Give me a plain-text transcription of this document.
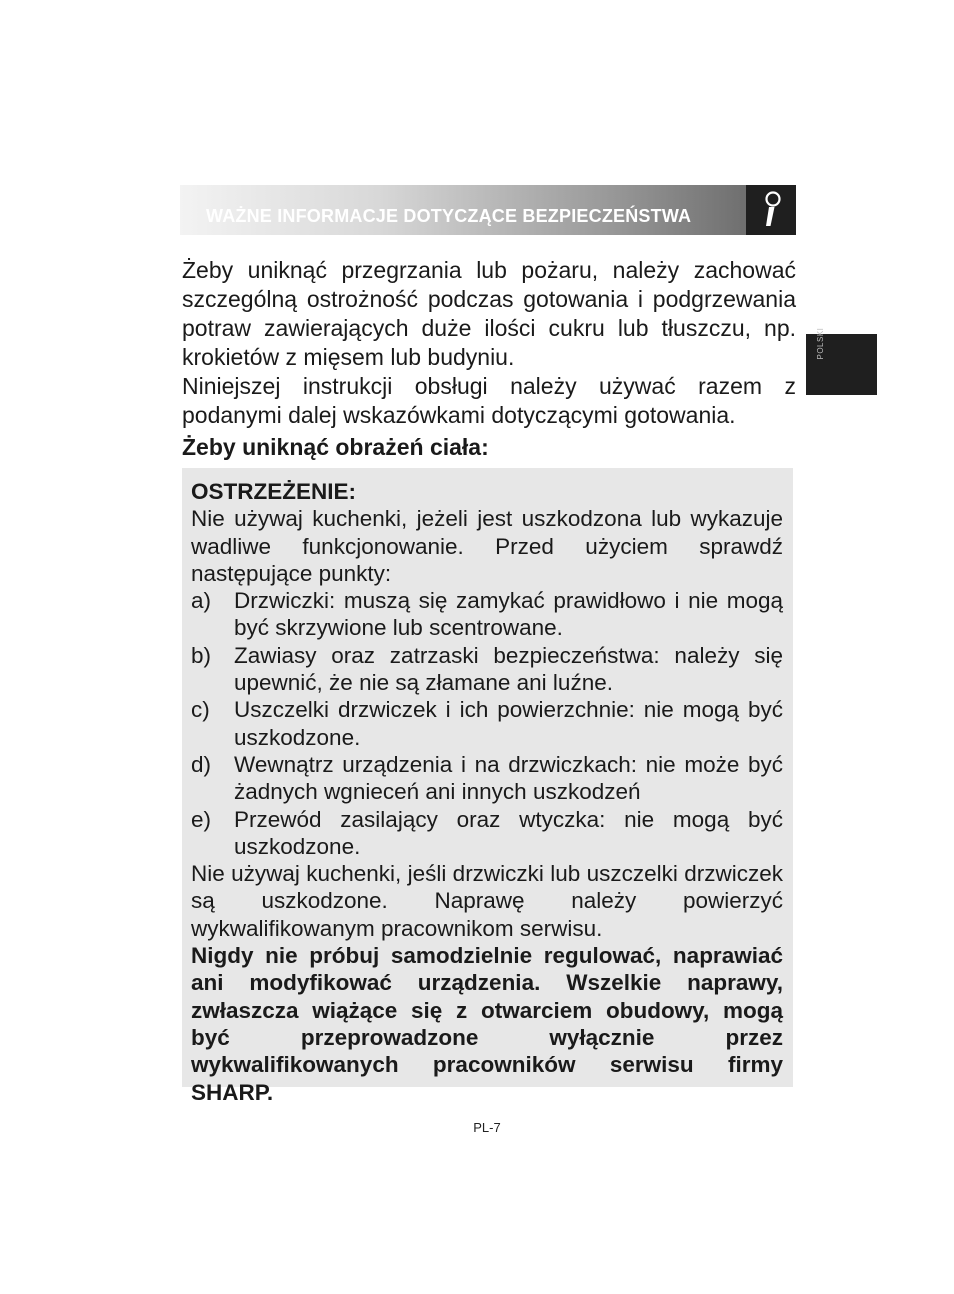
WAŻNE INFORMACJE DOTYCZĄCE BEZPIECZEŃSTWA
POLSKI

Żeby uniknąć przegrzania lub pożaru, należy zachować szczególną ostrożność podczas gotowania i podgrzewania potraw zawierających duże ilości cukru lub tłuszczu, np. krokietów z mięsem lub budyniu.

Niniejszej instrukcji obsługi należy używać razem z podanymi dalej wskazówkami dotyczącymi gotowania.

Żeby uniknąć obrażeń ciała:
OSTRZEŻENIE:

Nie używaj kuchenki, jeżeli jest uszkodzona lub wykazuje wadliwe funkcjonowanie. Przed użyciem sprawdź następujące punkty:

a)	Drzwiczki: muszą się zamykać prawidłowo i nie mogą być skrzywione lub scentrowane.
b)	Zawiasy oraz zatrzaski bezpieczeństwa: należy się upewnić, że nie są złamane ani luźne.
c)	Uszczelki drzwiczek i ich powierzchnie: nie mogą być uszkodzone.
d)	Wewnątrz urządzenia i na drzwiczkach: nie może być żadnych wgnieceń ani innych uszkodzeń
e)	Przewód zasilający oraz wtyczka: nie mogą być uszkodzone.

Nie używaj kuchenki, jeśli drzwiczki lub uszczelki drzwiczek są uszkodzone. Naprawę należy powierzyć wykwalifikowanym pracownikom serwisu.

Nigdy nie próbuj samodzielnie regulować, naprawiać ani modyfikować urządzenia. Wszelkie naprawy, zwłaszcza wiążące się z otwarciem obudowy, mogą być przeprowadzone wyłącznie przez wykwalifikowanych pracowników serwisu firmy SHARP.

PL-7
